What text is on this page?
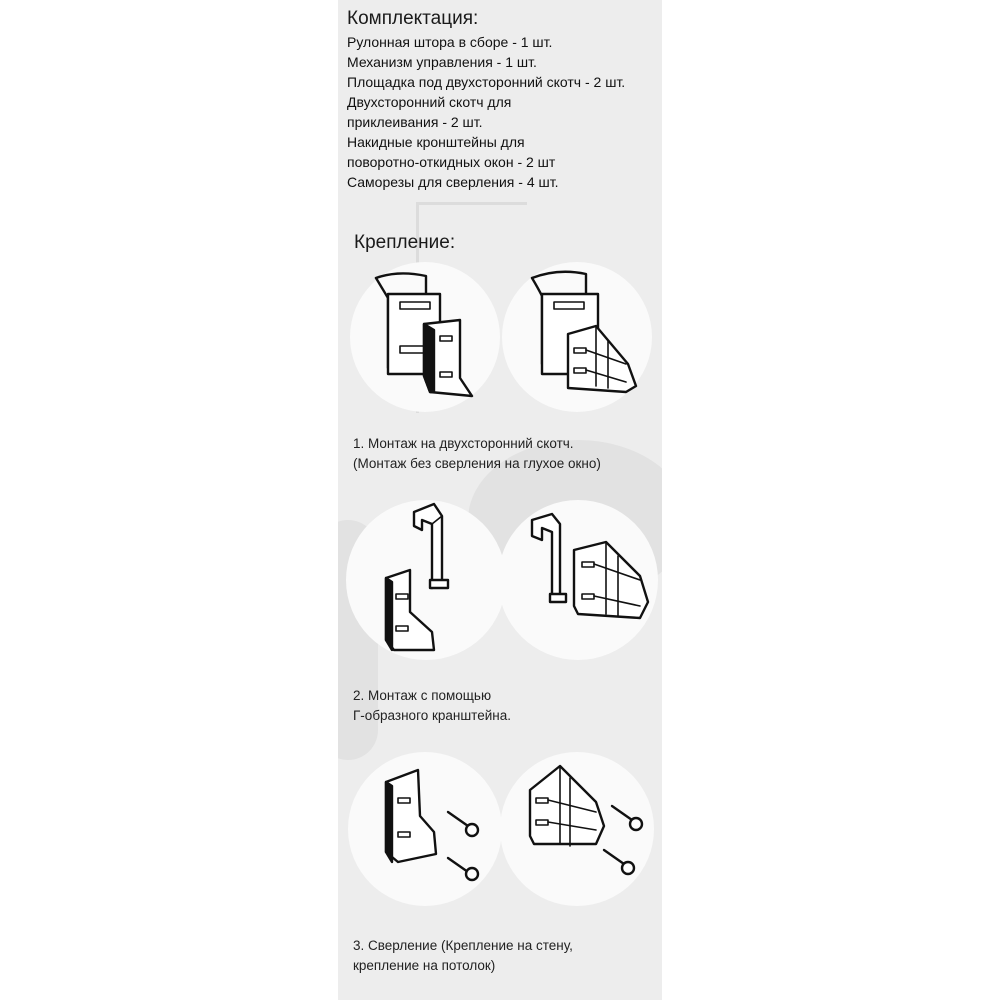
Комплектация:
Рулонная штора в сборе - 1 шт.
Механизм управления - 1 шт.
Площадка под двухсторонний скотч - 2 шт.
Двухсторонний скотч для
приклеивания - 2 шт.
Накидные кронштейны для
поворотно-откидных окон - 2 шт
Саморезы для сверления - 4 шт.
Крепление:
1. Монтаж на двухсторонний скотч.
(Монтаж без сверления на глухое окно)
2. Монтаж с помощью
Г-образного кранштейна.
3. Сверление (Крепление на стену,
крепление на потолок)
